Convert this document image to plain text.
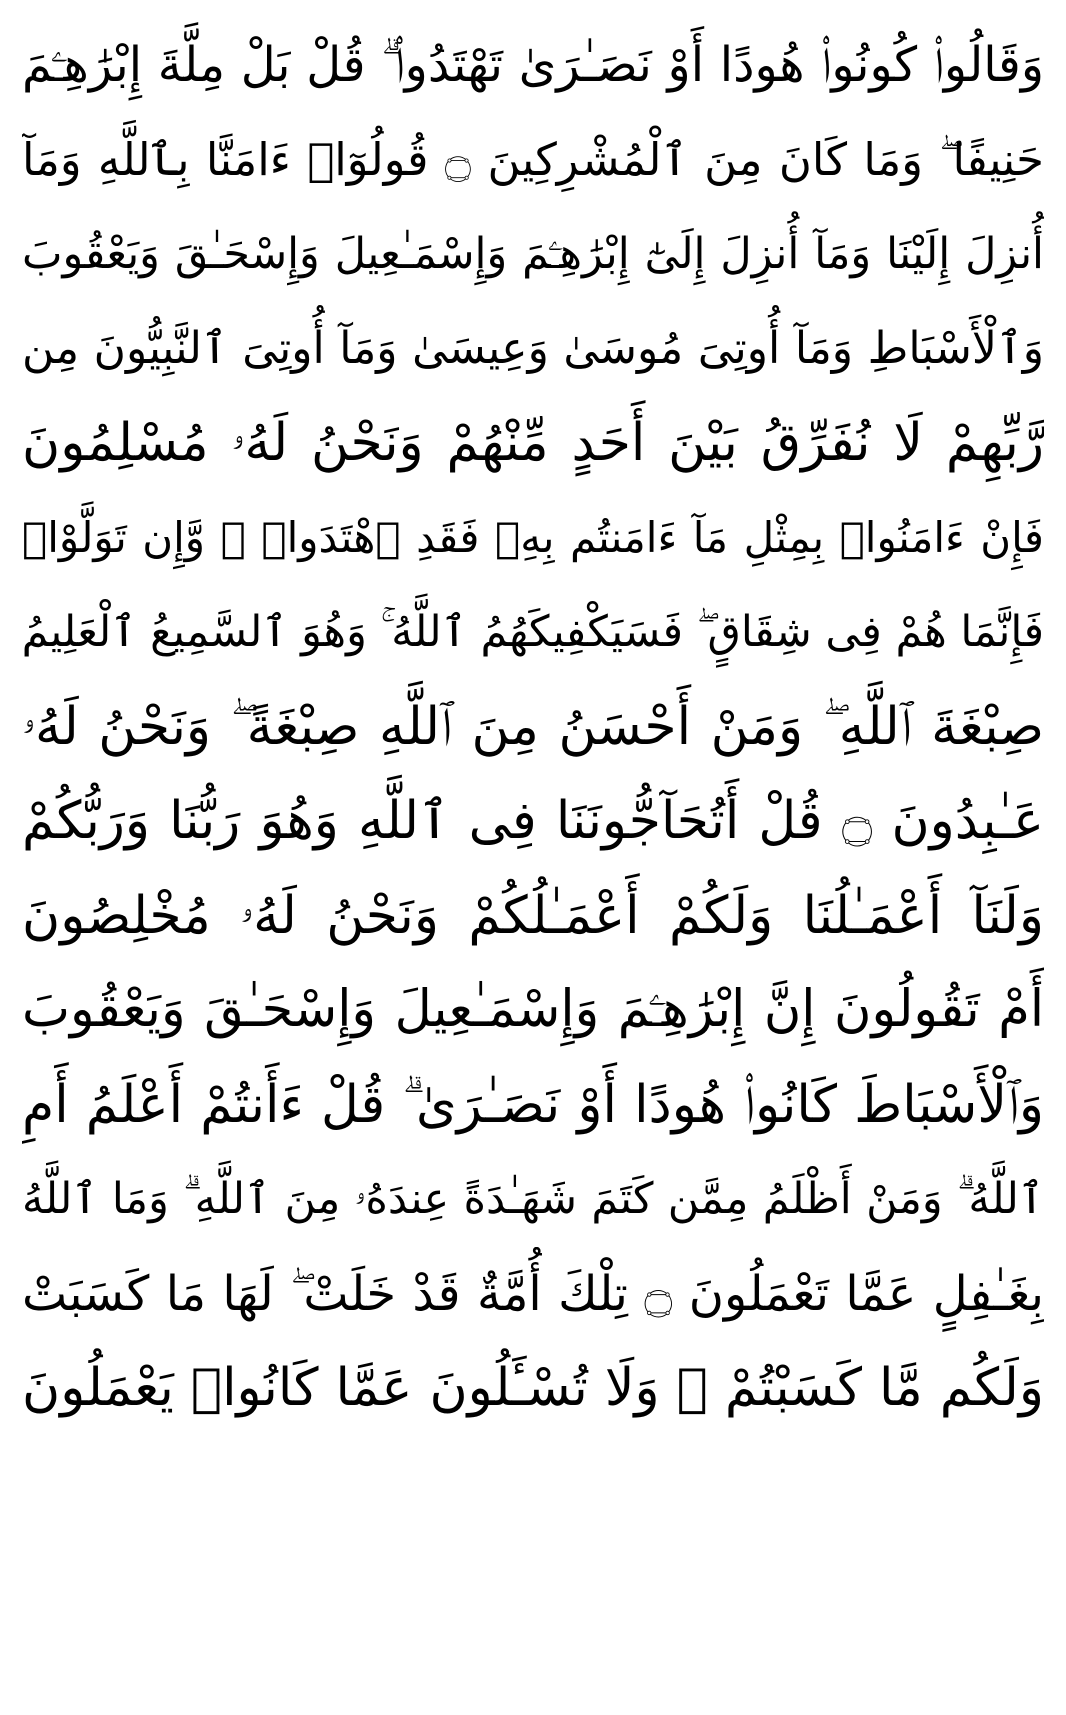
وَقَالُوا۟ كُونُوا۟ هُودًا أَوْ نَصَـٰرَىٰ تَهْتَدُوا۟ ۗ قُلْ بَلْ مِلَّةَ إِبْرَٰهِـۧمَ
حَنِيفًا ۖ وَمَا كَانَ مِنَ ٱلْمُشْرِكِينَ ۝ قُولُوٓا۟ ءَامَنَّا بِٱللَّهِ وَمَآ
أُنزِلَ إِلَيْنَا وَمَآ أُنزِلَ إِلَىٰٓ إِبْرَٰهِـۧمَ وَإِسْمَـٰعِيلَ وَإِسْحَـٰقَ وَيَعْقُوبَ
وَٱلْأَسْبَاطِ وَمَآ أُوتِىَ مُوسَىٰ وَعِيسَىٰ وَمَآ أُوتِىَ ٱلنَّبِيُّونَ مِن
رَّبِّهِمْ لَا نُفَرِّقُ بَيْنَ أَحَدٍ مِّنْهُمْ وَنَحْنُ لَهُۥ مُسْلِمُونَ
فَإِنْ ءَامَنُوا۟ بِمِثْلِ مَآ ءَامَنتُم بِهِۦ فَقَدِ ٱهْتَدَوا۟ ۖ وَّإِن تَوَلَّوْا۟
فَإِنَّمَا هُمْ فِى شِقَاقٍ ۖ فَسَيَكْفِيكَهُمُ ٱللَّهُ ۚ وَهُوَ ٱلسَّمِيعُ ٱلْعَلِيمُ
صِبْغَةَ ٱللَّهِ ۖ وَمَنْ أَحْسَنُ مِنَ ٱللَّهِ صِبْغَةً ۖ وَنَحْنُ لَهُۥ
عَـٰبِدُونَ ۝ قُلْ أَتُحَآجُّونَنَا فِى ٱللَّهِ وَهُوَ رَبُّنَا وَرَبُّكُمْ
وَلَنَآ أَعْمَـٰلُنَا وَلَكُمْ أَعْمَـٰلُكُمْ وَنَحْنُ لَهُۥ مُخْلِصُونَ
أَمْ تَقُولُونَ إِنَّ إِبْرَٰهِـۧمَ وَإِسْمَـٰعِيلَ وَإِسْحَـٰقَ وَيَعْقُوبَ
وَٱلْأَسْبَاطَ كَانُوا۟ هُودًا أَوْ نَصَـٰرَىٰ ۗ قُلْ ءَأَنتُمْ أَعْلَمُ أَمِ
ٱللَّهُ ۗ وَمَنْ أَظْلَمُ مِمَّن كَتَمَ شَهَـٰدَةً عِندَهُۥ مِنَ ٱللَّهِ ۗ وَمَا ٱللَّهُ
بِغَـٰفِلٍ عَمَّا تَعْمَلُونَ ۝ تِلْكَ أُمَّةٌ قَدْ خَلَتْ ۖ لَهَا مَا كَسَبَتْ
وَلَكُم مَّا كَسَبْتُمْ ۖ وَلَا تُسْـَٔلُونَ عَمَّا كَانُوا۟ يَعْمَلُونَ
